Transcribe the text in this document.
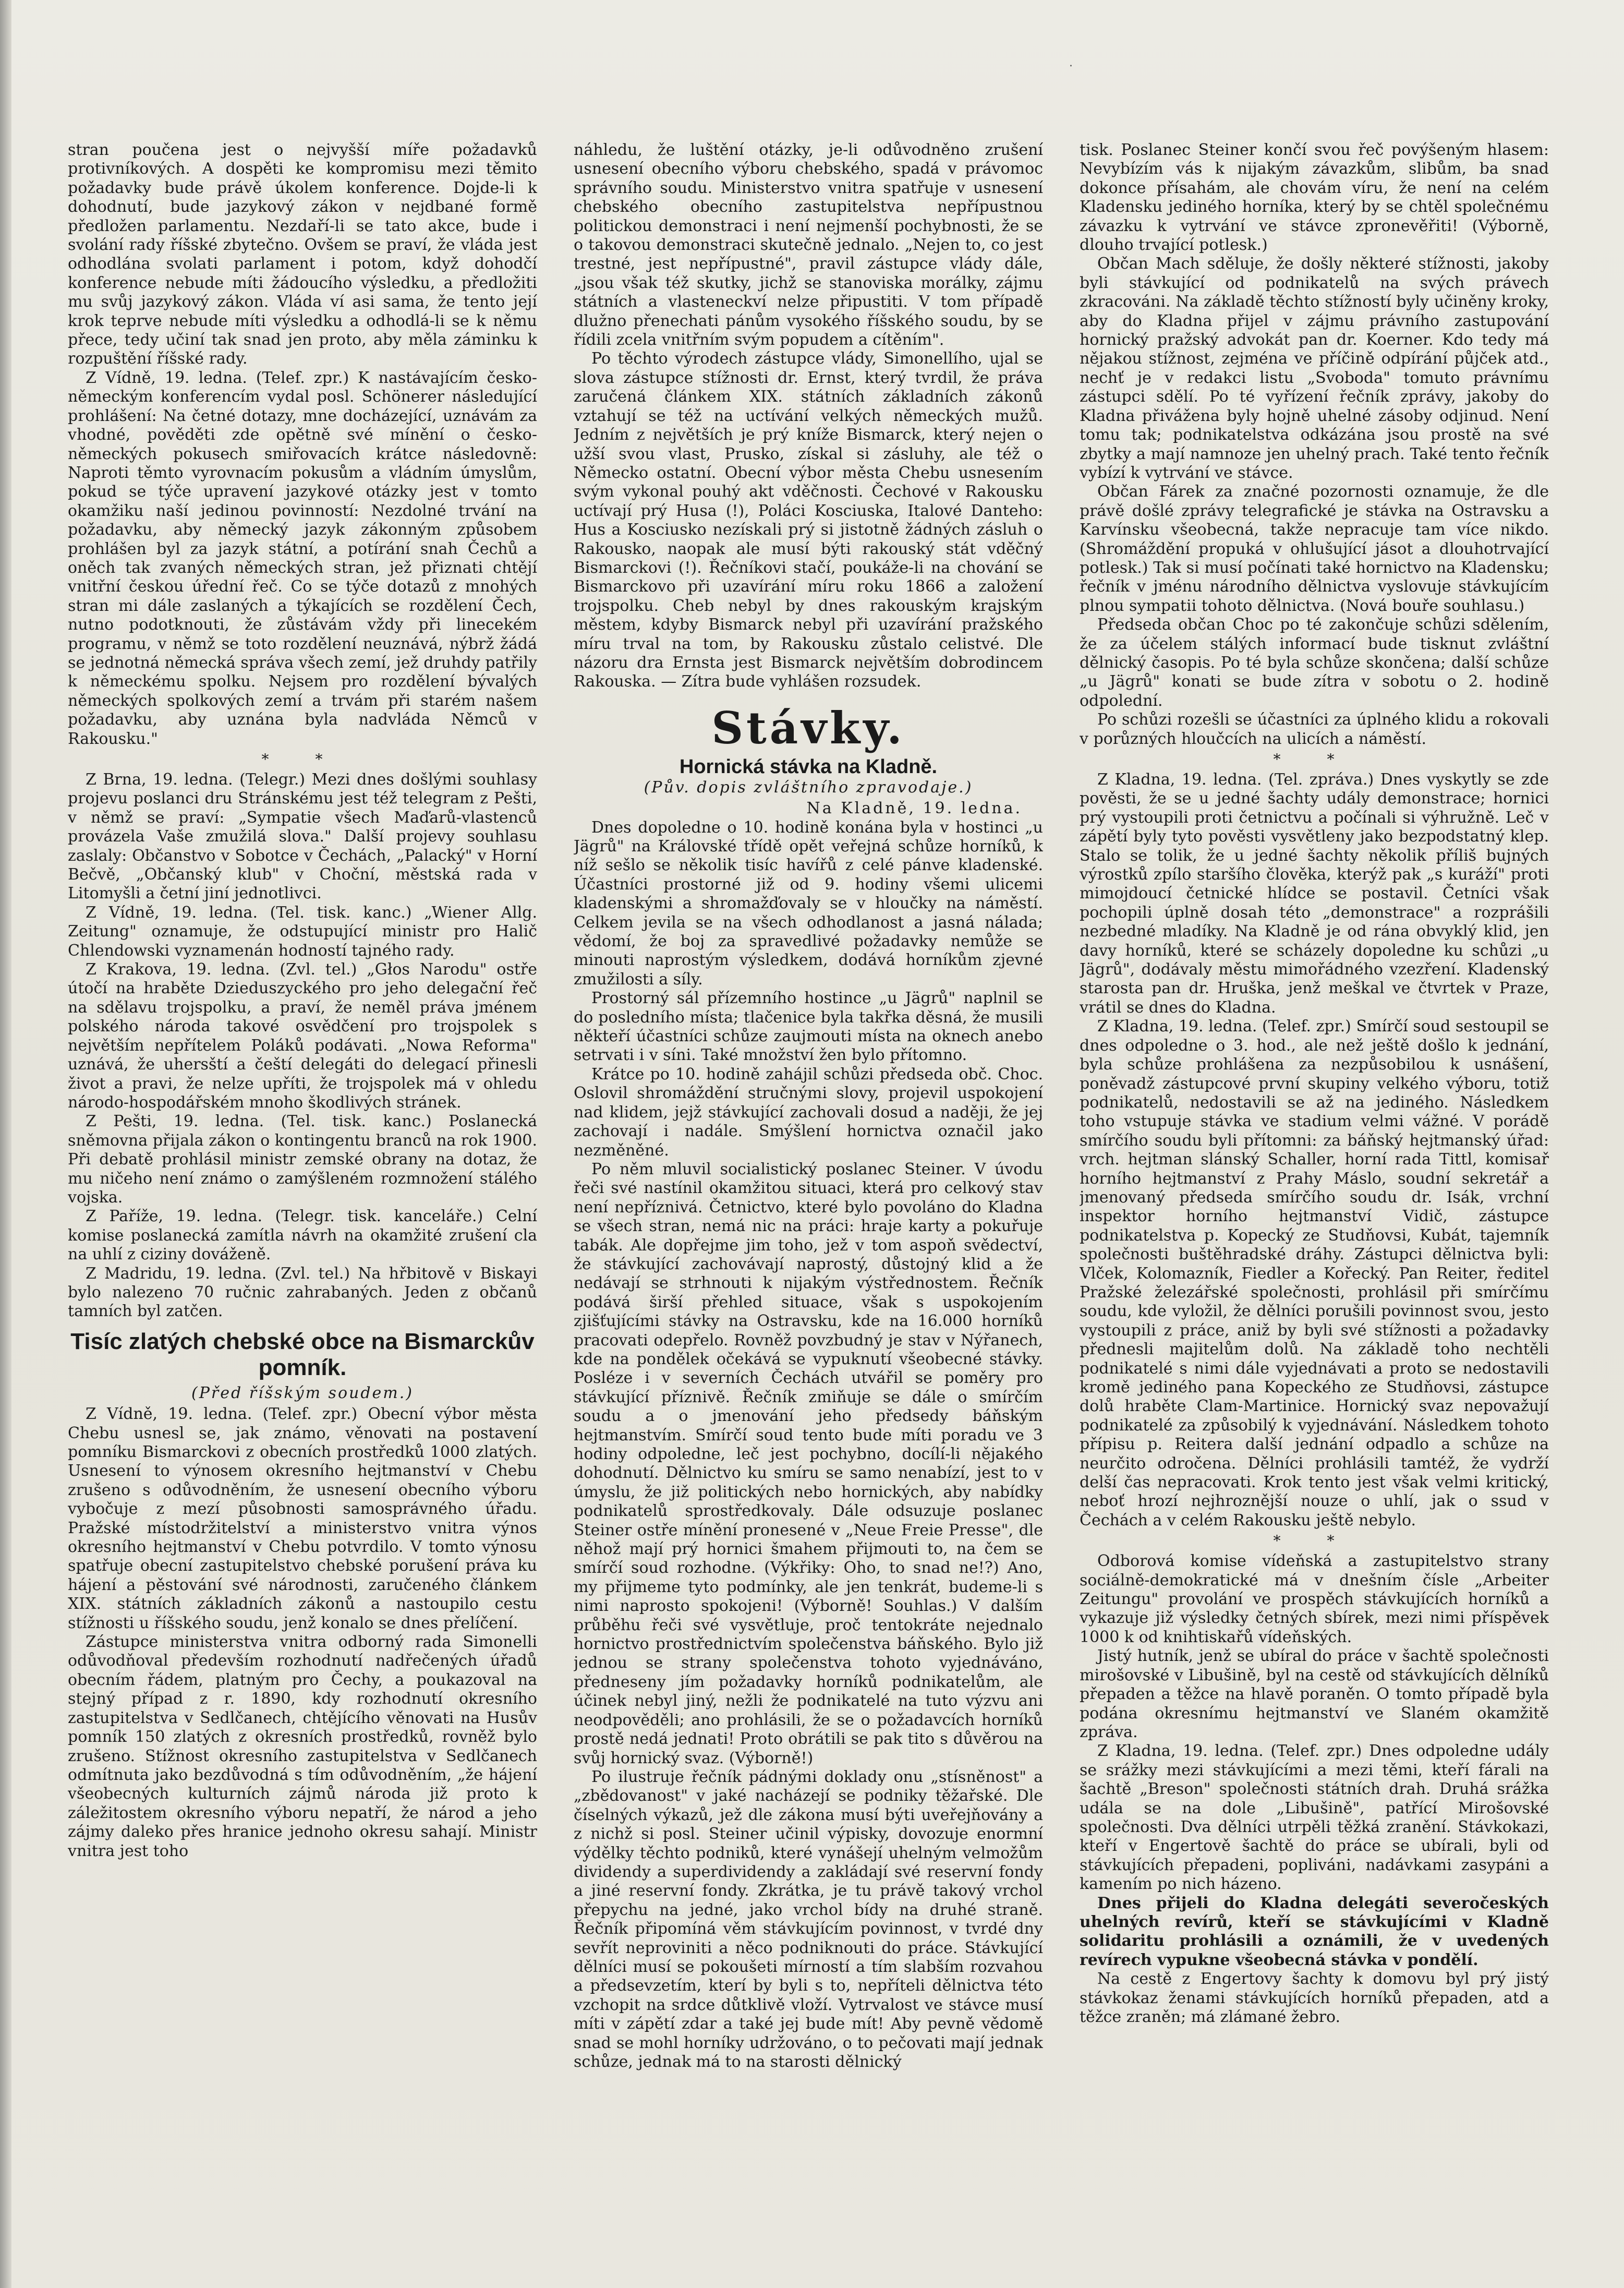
.

stran poučena jest o nejvyšší míře požadavků protivníkových. A dospěti ke kompromisu mezi těmito požadavky bude právě úkolem konference. Dojde-li k dohodnutí, bude jazykový zákon v nejdbané formě předložen parlamentu. Nezdaří-li se tato akce, bude i svolání rady říšské zbytečno. Ovšem se praví, že vláda jest odhodlána svolati parlament i potom, když dohodčí konference nebude míti žádoucího výsledku, a předložiti mu svůj jazykový zákon. Vláda ví asi sama, že tento její krok teprve nebude míti výsledku a odhodlá-li se k němu přece, tedy učiní tak snad jen proto, aby měla záminku k rozpuštění říšské rady.

Z Vídně, 19. ledna. (Telef. zpr.) K nastávajícím česko-německým konferencím vydal posl. Schönerer následující prohlášení: Na četné dotazy, mne docházející, uznávám za vhodné, pověděti zde opětně své mínění o česko-německých pokusech smiřovacích krátce následovně: Naproti těmto vyrovnacím pokusům a vládním úmyslům, pokud se týče upravení jazykové otázky jest v tomto okamžiku naší jedinou povinností: Nezdolné trvání na požadavku, aby německý jazyk zákonným způsobem prohlášen byl za jazyk státní, a potírání snah Čechů a oněch tak zvaných německých stran, jež přiznati chtějí vnitřní českou úřední řeč. Co se týče dotazů z mnohých stran mi dále zaslaných a týkajících se rozdělení Čech, nutno podotknouti, že zůstávám vždy při linecekém programu, v němž se toto rozdělení neuznává, nýbrž žádá se jednotná německá správa všech zemí, jež druhdy patřily k německému spolku. Nejsem pro rozdělení bývalých německých spolkových zemí a trvám při starém našem požadavku, aby uznána byla nadvláda Němců v Rakousku."

* *

Z Brna, 19. ledna. (Telegr.) Mezi dnes došlými souhlasy projevu poslanci dru Stránskému jest též telegram z Pešti, v němž se praví: „Sympatie všech Maďarů-vlastenců provázela Vaše zmužilá slova." Další projevy souhlasu zaslaly: Občanstvo v Sobotce v Čechách, „Palacký" v Horní Bečvě, „Občanský klub" v Choční, městská rada v Litomyšli a četní jiní jednotlivci.

Z Vídně, 19. ledna. (Tel. tisk. kanc.) „Wiener Allg. Zeitung" oznamuje, že odstupující ministr pro Halič Chlendowski vyznamenán hodností tajného rady.

Z Krakova, 19. ledna. (Zvl. tel.) „Głos Narodu" ostře útočí na hraběte Dzieduszyckého pro jeho delegační řeč na sdělavu trojspolku, a praví, že neměl práva jménem polského národa takové osvědčení pro trojspolek s největším nepřítelem Poláků podávati. „Nowa Reforma" uznává, že uhersští a čeští delegáti do delegací přinesli život a pravi, že nelze upříti, že trojspolek má v ohledu národo-hospodářském mnoho škodlivých stránek.

Z Pešti, 19. ledna. (Tel. tisk. kanc.) Poslanecká sněmovna přijala zákon o kontingentu branců na rok 1900. Při debatě prohlásil ministr zemské obrany na dotaz, že mu ničeho není známo o zamýšleném rozmnožení stálého vojska.

Z Paříže, 19. ledna. (Telegr. tisk. kanceláře.) Celní komise poslanecká zamítla návrh na okamžité zrušení cla na uhlí z ciziny dováženě.

Z Madridu, 19. ledna. (Zvl. tel.) Na hřbitově v Biskayi bylo nalezeno 70 ručnic zahrabaných. Jeden z občanů tamních byl zatčen.

Tisíc zlatých chebské obce na Bismarckův pomník.
(Před říšským soudem.)

Z Vídně, 19. ledna. (Telef. zpr.) Obecní výbor města Chebu usnesl se, jak známo, věnovati na postavení pomníku Bismarckovi z obecních prostředků 1000 zlatých. Usnesení to výnosem okresního hejtmanství v Chebu zrušeno s odůvodněním, že usnesení obecního výboru vybočuje z mezí působnosti samosprávného úřadu. Pražské místodržitelství a ministerstvo vnitra výnos okresního hejtmanství v Chebu potvrdilo. V tomto výnosu spatřuje obecní zastupitelstvo chebské porušení práva ku hájení a pěstování své národnosti, zaručeného článkem XIX. státních základních zákonů a nastoupilo cestu stížnosti u říšského soudu, jenž konalo se dnes přelíčení.

Zástupce ministerstva vnitra odborný rada Simonelli odůvodňoval především rozhodnutí nadřečených úřadů obecním řádem, platným pro Čechy, a poukazoval na stejný případ z r. 1890, kdy rozhodnutí okresního zastupitelstva v Sedlčanech, chtějícího věnovati na Husův pomník 150 zlatých z okresních prostředků, rovněž bylo zrušeno. Stížnost okresního zastupitelstva v Sedlčanech odmítnuta jako bezdůvodná s tím odůvodněním, „že hájení všeobecných kulturních zájmů národa již proto k záležitostem okresního výboru nepatří, že národ a jeho zájmy daleko přes hranice jednoho okresu sahají. Ministr vnitra jest toho

náhledu, že luštění otázky, je-li odůvodněno zrušení usnesení obecního výboru chebského, spadá v právomoc správního soudu. Ministerstvo vnitra spatřuje v usnesení chebského obecního zastupitelstva nepřípustnou politickou demonstraci i není nejmenší pochybnosti, že se o takovou demonstraci skutečně jednalo. „Nejen to, co jest trestné, jest nepřípustné", pravil zástupce vlády dále, „jsou však též skutky, jichž se stanoviska morálky, zájmu státních a vlasteneckví nelze připustiti. V tom případě dlužno přenechati pánům vysokého říšského soudu, by se řídili zcela vnitřním svým popudem a cítěním".

Po těchto výrodech zástupce vlády, Simonellího, ujal se slova zástupce stížnosti dr. Ernst, který tvrdil, že práva zaručená článkem XIX. státních základních zákonů vztahují se též na uctívání velkých německých mužů. Jedním z největších je prý kníže Bismarck, který nejen o užší svou vlast, Prusko, získal si zásluhy, ale též o Německo ostatní. Obecní výbor města Chebu usnesením svým vykonal pouhý akt vděčnosti. Čechové v Rakousku uctívají prý Husa (!), Poláci Kosciuska, Italové Danteho: Hus a Kosciusko nezískali prý si jistotně žádných zásluh o Rakousko, naopak ale musí býti rakouský stát vděčný Bismarckovi (!). Řečníkovi stačí, poukáže-li na chování se Bismarckovo při uzavírání míru roku 1866 a založení trojspolku. Cheb nebyl by dnes rakouským krajským městem, kdyby Bismarck nebyl při uzavírání pražského míru trval na tom, by Rakousku zůstalo celistvé. Dle názoru dra Ernsta jest Bismarck největším dobrodincem Rakouska. — Zítra bude vyhlášen rozsudek.

Stávky.
Hornická stávka na Kladně.
(Pův. dopis zvláštního zpravodaje.)
Na Kladně, 19. ledna.

Dnes dopoledne o 10. hodině konána byla v hostinci „u Jägrů" na Královské třídě opět veřejná schůze horníků, k níž sešlo se několik tisíc havířů z celé pánve kladenské. Účastníci prostorné již od 9. hodiny všemi ulicemi kladenskými a shromažďovaly se v hloučky na náměstí. Celkem jevila se na všech odhodlanost a jasná nálada; vědomí, že boj za spravedlivé požadavky nemůže se minouti naprostým výsledkem, dodává horníkům zjevné zmužilosti a síly.

Prostorný sál přízemního hostince „u Jägrů" naplnil se do posledního místa; tlačenice byla takřka děsná, že musili někteří účastníci schůze zaujmouti místa na oknech anebo setrvati i v síni. Také množství žen bylo přítomno.

Krátce po 10. hodině zahájil schůzi předseda obč. Choc. Oslovil shromáždění stručnými slovy, projevil uspokojení nad klidem, jejž stávkující zachovali dosud a naději, že jej zachovají i nadále. Smýšlení hornictva označil jako nezměněné.

Po něm mluvil socialistický poslanec Steiner. V úvodu řeči své nastínil okamžitou situaci, která pro celkový stav není nepříznivá. Četnictvo, které bylo povoláno do Kladna se všech stran, nemá nic na práci: hraje karty a pokuřuje tabák. Ale dopřejme jim toho, jež v tom aspoň svědectví, že stávkující zachovávají naprostý, důstojný klid a že nedávají se strhnouti k nijakým výstřednostem. Řečník podává širší přehled situace, však s uspokojením zjišťujícími stávky na Ostravsku, kde na 16.000 horníků pracovati odepřelo. Rovněž povzbudný je stav v Nýřanech, kde na pondělek očekává se vypuknutí všeobecné stávky. Posléze i v severních Čechách utvářil se poměry pro stávkující příznivě. Řečník zmiňuje se dále o smírčím soudu a o jmenování jeho předsedy báňským hejtmanstvím. Smírčí soud tento bude míti poradu ve 3 hodiny odpoledne, leč jest pochybno, docílí-li nějakého dohodnutí. Dělnictvo ku smíru se samo nenabízí, jest to v úmyslu, že již politických nebo hornických, aby nabídky podnikatelů sprostředkovaly. Dále odsuzuje poslanec Steiner ostře mínění pronesené v „Neue Freie Presse", dle něhož mají prý hornici šmahem přijmouti to, na čem se smírčí soud rozhodne. (Výkřiky: Oho, to snad ne!?) Ano, my přijmeme tyto podmínky, ale jen tenkrát, budeme-li s nimi naprosto spokojeni! (Výborně! Souhlas.) V dalším průběhu řeči své vysvětluje, proč tentokráte nejednalo hornictvo prostřednictvím společenstva báňského. Bylo již jednou se strany společenstva tohoto vyjednáváno, předneseny jím požadavky horníků podnikatelům, ale účinek nebyl jiný, nežli že podnikatelé na tuto výzvu ani neodpověděli; ano prohlásili, že se o požadavcích horníků prostě nedá jednati! Proto obrátili se pak tito s důvěrou na svůj hornický svaz. (Výborně!)

Po ilustruje řečník pádnými doklady onu „stísněnost" a „zbědovanost" v jaké nacházejí se podniky těžařské. Dle číselných výkazů, jež dle zákona musí býti uveřejňovány a z nichž si posl. Steiner učinil výpisky, dovozuje enormní výdělky těchto podniků, které vynášejí uhelným velmožům dividendy a superdividendy a zakládají své reservní fondy a jiné reservní fondy. Zkrátka, je tu právě takový vrchol přepychu na jedné, jako vrchol bídy na druhé straně. Řečník připomíná věm stávkujícím povinnost, v tvrdé dny sevřít neproviniti a něco podniknouti do práce. Stávkující dělníci musí se pokoušeti mírností a tím slabším rozvahou a předsevzetím, kterí by byli s to, nepříteli dělnictva této vzchopit na srdce důtklivě vloží. Vytrvalost ve stávce musí míti v zápětí zdar a také jej bude mít! Aby pevně vědomě snad se mohl horníky udržováno, o to pečovati mají jednak schůze, jednak má to na starosti dělnický

tisk. Poslanec Steiner končí svou řeč povýšeným hlasem: Nevybízím vás k nijakým závazkům, slibům, ba snad dokonce přísahám, ale chovám víru, že není na celém Kladensku jediného horníka, který by se chtěl společnému závazku k vytrvání ve stávce zpronevěřiti! (Výborně, dlouho trvající potlesk.)

Občan Mach sděluje, že došly některé stížnosti, jakoby byli stávkující od podnikatelů na svých právech zkracováni. Na základě těchto stížností byly učiněny kroky, aby do Kladna přijel v zájmu právního zastupování hornický pražský advokát pan dr. Koerner. Kdo tedy má nějakou stížnost, zejména ve příčině odpírání půjček atd., nechť je v redakci listu „Svoboda" tomuto právnímu zástupci sdělí. Po té vyřízení řečník zprávy, jakoby do Kladna přivážena byly hojně uhelné zásoby odjinud. Není tomu tak; podnikatelstva odkázána jsou prostě na své zbytky a mají namnoze jen uhelný prach. Také tento řečník vybízí k vytrvání ve stávce.

Občan Fárek za značné pozornosti oznamuje, že dle právě došlé zprávy telegrafické je stávka na Ostravsku a Karvínsku všeobecná, takže nepracuje tam více nikdo. (Shromáždění propuká v ohlušující jásot a dlouhotrvající potlesk.) Tak si musí počínati také hornictvo na Kladensku; řečník v jménu národního dělnictva vyslovuje stávkujícím plnou sympatii tohoto dělnictva. (Nová bouře souhlasu.)

Předseda občan Choc po té zakončuje schůzi sdělením, že za účelem stálých informací bude tisknut zvláštní dělnický časopis. Po té byla schůze skončena; další schůze „u Jägrů" konati se bude zítra v sobotu o 2. hodině odpolední.

Po schůzi rozešli se účastníci za úplného klidu a rokovali v porůzných hloučcích na ulicích a náměstí.

* *

Z Kladna, 19. ledna. (Tel. zpráva.) Dnes vyskytly se zde pověsti, že se u jedné šachty udály demonstrace; hornici prý vystoupili proti četnictvu a počínali si výhružně. Leč v zápětí byly tyto pověsti vysvětleny jako bezpodstatný klep. Stalo se tolik, že u jedné šachty několik příliš bujných výrostků zpílo staršího člověka, kterýž pak „s kuráží" proti mimojdoucí četnické hlídce se postavil. Četníci však pochopili úplně dosah této „demonstrace" a rozprášili nezbedné mladíky. Na Kladně je od rána obvyklý klid, jen davy horníků, které se scházely dopoledne ku schůzi „u Jägrů", dodávaly městu mimořádného vzezření. Kladenský starosta pan dr. Hruška, jenž meškal ve čtvrtek v Praze, vrátil se dnes do Kladna.

Z Kladna, 19. ledna. (Telef. zpr.) Smírčí soud sestoupil se dnes odpoledne o 3. hod., ale než ještě došlo k jednání, byla schůze prohlášena za nezpůsobilou k usnášení, poněvadž zástupcové první skupiny velkého výboru, totiž podnikatelů, nedostavili se až na jediného. Následkem toho vstupuje stávka ve stadium velmi vážné. V porádě smírčího soudu byli přítomni: za báňský hejtmanský úřad: vrch. hejtman slánský Schaller, horní rada Tittl, komisař horního hejtmanství z Prahy Máslo, soudní sekretář a jmenovaný předseda smírčího soudu dr. Isák, vrchní inspektor horního hejtmanství Vidič, zástupce podnikatelstva p. Kopecký ze Studňovsi, Kubát, tajemník společnosti buštěhradské dráhy. Zástupci dělnictva byli: Vlček, Kolomazník, Fiedler a Kořecký. Pan Reiter, ředitel Pražské železářské společnosti, prohlásil při smírčímu soudu, kde vyložil, že dělníci porušili povinnost svou, jesto vystoupili z práce, aniž by byli své stížnosti a požadavky přednesli majitelům dolů. Na základě toho nechtěli podnikatelé s nimi dále vyjednávati a proto se nedostavili kromě jediného pana Kopeckého ze Studňovsi, zástupce dolů hraběte Clam-Martinice. Hornický svaz nepovažují podnikatelé za způsobilý k vyjednávání. Následkem tohoto přípisu p. Reitera další jednání odpadlo a schůze na neurčito odročena. Dělníci prohlásili tamtéž, že vydrží delší čas nepracovati. Krok tento jest však velmi kritický, neboť hrozí nejhroznější nouze o uhlí, jak o ssud v Čechách a v celém Rakousku ještě nebylo.

* *

Odborová komise vídeňská a zastupitelstvo strany sociálně-demokratické má v dnešním čísle „Arbeiter Zeitungu" provolání ve prospěch stávkujících horníků a vykazuje již výsledky četných sbírek, mezi nimi příspěvek 1000 k od knihtiskařů vídeňských.

Jistý hutník, jenž se ubíral do práce v šachtě společnosti mirošovské v Libušině, byl na cestě od stávkujících dělníků přepaden a těžce na hlavě poraněn. O tomto případě byla podána okresnímu hejtmanství ve Slaném okamžitě zpráva.

Z Kladna, 19. ledna. (Telef. zpr.) Dnes odpoledne udály se srážky mezi stávkujícími a mezi těmi, kteří fárali na šachtě „Breson" společnosti státních drah. Druhá srážka udála se na dole „Libušině", patřící Mirošovské společnosti. Dva dělníci utrpěli těžká zranění. Stávkokazi, kteří v Engertově šachtě do práce se ubírali, byli od stávkujících přepadeni, popliváni, nadávkami zasypáni a kamením po nich házeno.

Dnes přijeli do Kladna delegáti severočeských uhelných revírů, kteří se stávkujícími v Kladně solidaritu prohlásili a oznámili, že v uvedených revírech vypukne všeobecná stávka v pondělí.

Na cestě z Engertovy šachty k domovu byl prý jistý stávkokaz ženami stávkujících horníků přepaden, atd a těžce zraněn; má zlámané žebro.
